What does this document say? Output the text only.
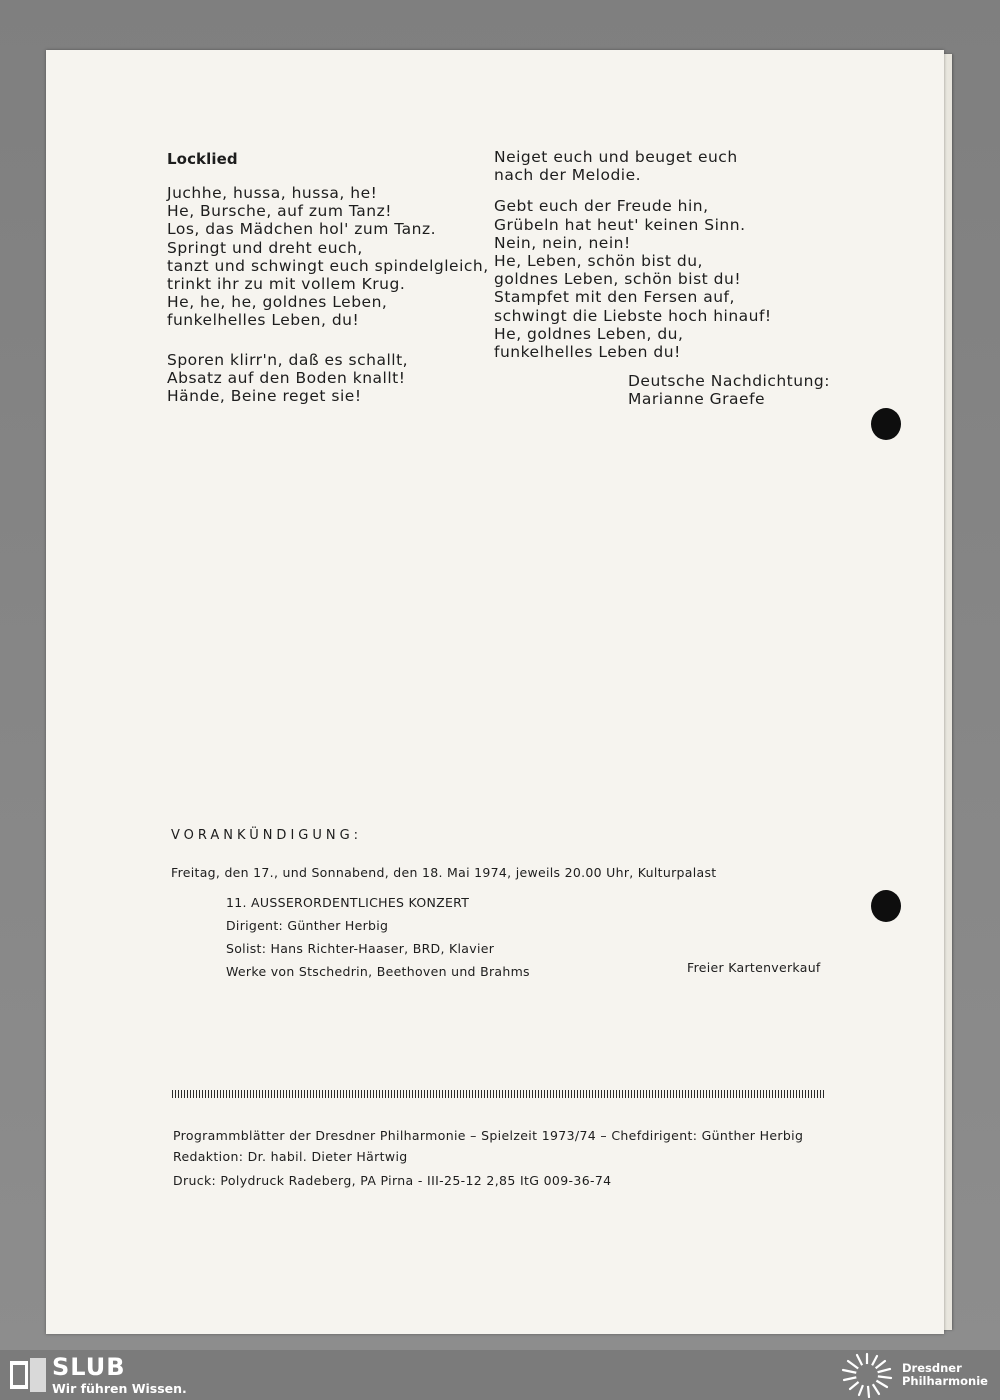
Locklied
Juchhe, hussa, hussa, he!
He, Bursche, auf zum Tanz!
Los, das Mädchen hol' zum Tanz.
Springt und dreht euch,
tanzt und schwingt euch spindelgleich,
trinkt ihr zu mit vollem Krug.
He, he, he, goldnes Leben,
funkelhelles Leben, du!
Sporen klirr'n, daß es schallt,
Absatz auf den Boden knallt!
Hände, Beine reget sie!
Neiget euch und beuget euch
nach der Melodie.
Gebt euch der Freude hin,
Grübeln hat heut' keinen Sinn.
Nein, nein, nein!
He, Leben, schön bist du,
goldnes Leben, schön bist du!
Stampfet mit den Fersen auf,
schwingt die Liebste hoch hinauf!
He, goldnes Leben, du,
funkelhelles Leben du!
Deutsche Nachdichtung:
Marianne Graefe
VORANKÜNDIGUNG:
Freitag, den 17., und Sonnabend, den 18. Mai 1974, jeweils 20.00 Uhr, Kulturpalast
11. AUSSERORDENTLICHES KONZERT
Dirigent: Günther Herbig
Solist: Hans Richter-Haaser, BRD, Klavier
Werke von Stschedrin, Beethoven und Brahms	Freier Kartenverkauf
Programmblätter der Dresdner Philharmonie – Spielzeit 1973/74 – Chefdirigent: Günther Herbig
Redaktion: Dr. habil. Dieter Härtwig
Druck: Polydruck Radeberg, PA Pirna - III-25-12 2,85 ItG 009-36-74
SLUB
Wir führen Wissen.
Dresdner
Philharmonie
